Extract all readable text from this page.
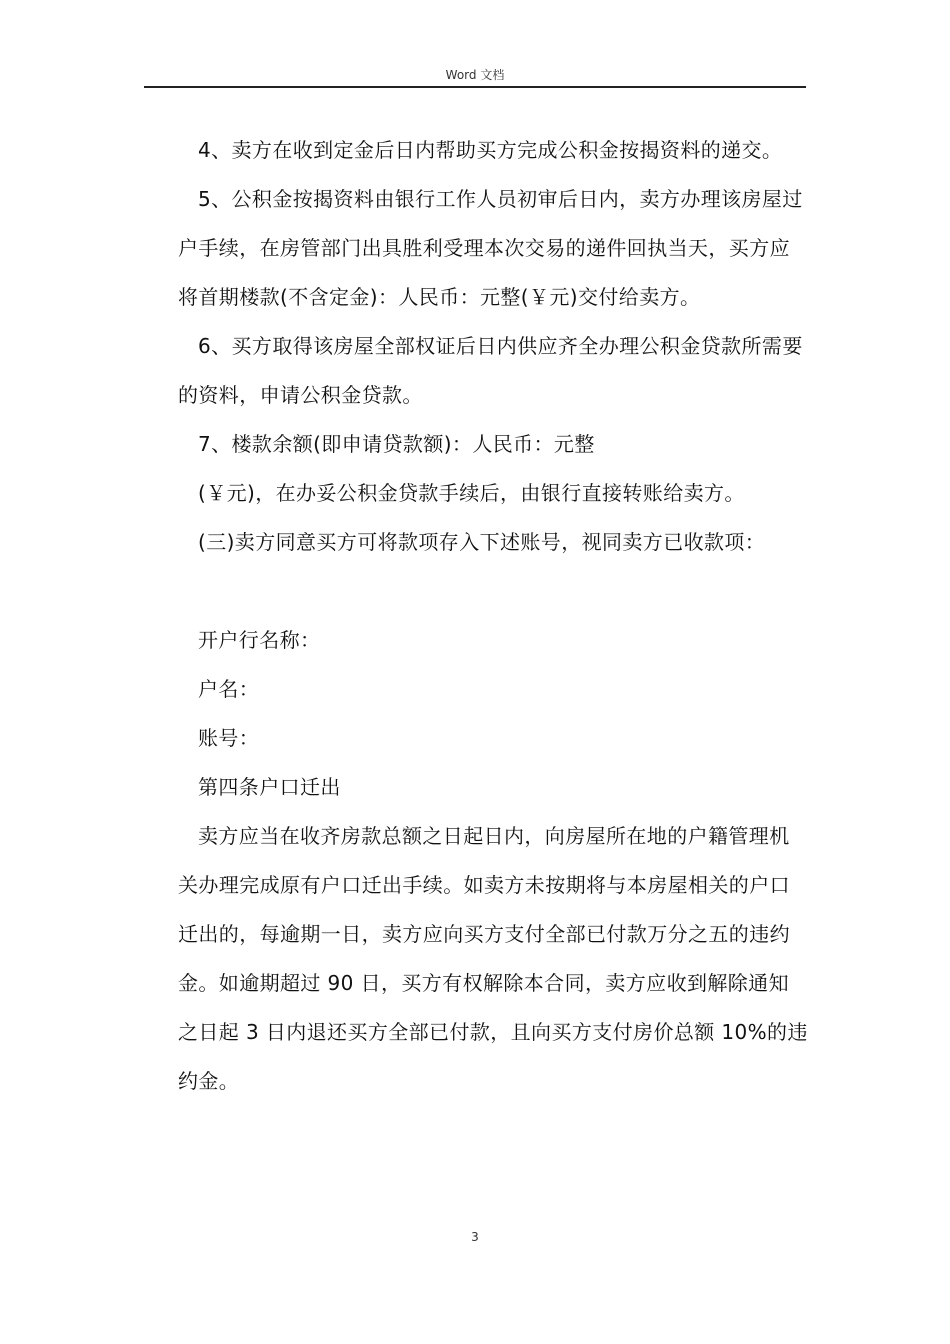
Word 文档

4、卖方在收到定金后日内帮助买方完成公积金按揭资料的递交。

5、公积金按揭资料由银行工作人员初审后日内，卖方办理该房屋过户手续，在房管部门出具胜利受理本次交易的递件回执当天，买方应将首期楼款(不含定金)：人民币：元整(￥元)交付给卖方。

6、买方取得该房屋全部权证后日内供应齐全办理公积金贷款所需要的资料，申请公积金贷款。

7、楼款余额(即申请贷款额)：人民币：元整

(￥元)，在办妥公积金贷款手续后，由银行直接转账给卖方。

(三)卖方同意买方可将款项存入下述账号，视同卖方已收款项：

开户行名称：

户名：

账号：

第四条户口迁出

卖方应当在收齐房款总额之日起日内，向房屋所在地的户籍管理机关办理完成原有户口迁出手续。如卖方未按期将与本房屋相关的户口迁出的，每逾期一日，卖方应向买方支付全部已付款万分之五的违约金。如逾期超过 90 日，买方有权解除本合同，卖方应收到解除通知之日起 3 日内退还买方全部已付款，且向买方支付房价总额 10%的违约金。

3
